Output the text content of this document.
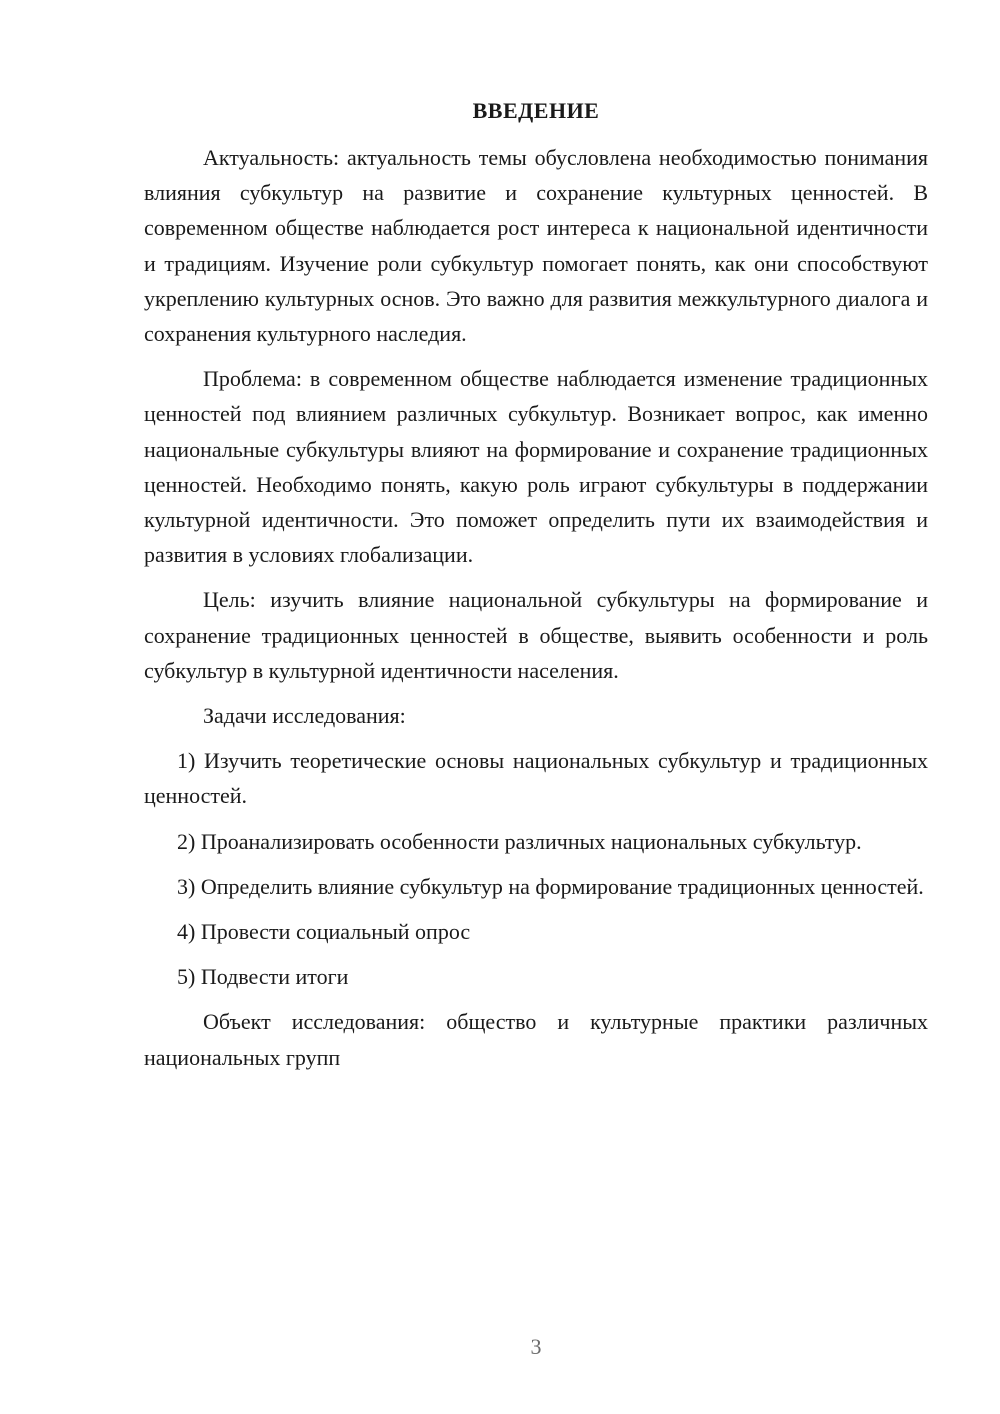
ВВЕДЕНИЕ

Актуальность: актуальность темы обусловлена необходимостью понимания влияния субкультур на развитие и сохранение культурных ценностей. В современном обществе наблюдается рост интереса к национальной идентичности и традициям. Изучение роли субкультур помогает понять, как они способствуют укреплению культурных основ. Это важно для развития межкультурного диалога и сохранения культурного наследия.

Проблема: в современном обществе наблюдается изменение традиционных ценностей под влиянием различных субкультур. Возникает вопрос, как именно национальные субкультуры влияют на формирование и сохранение традиционных ценностей. Необходимо понять, какую роль играют субкультуры в поддержании культурной идентичности. Это поможет определить пути их взаимодействия и развития в условиях глобализации.

Цель: изучить влияние национальной субкультуры на формирование и сохранение традиционных ценностей в обществе, выявить особенности и роль субкультур в культурной идентичности населения.

Задачи исследования:

1) Изучить теоретические основы национальных субкультур и традиционных ценностей.

2) Проанализировать особенности различных национальных субкультур.

3) Определить влияние субкультур на формирование традиционных ценностей.

4) Провести социальный опрос

5) Подвести итоги

Объект исследования: общество и культурные практики различных национальных групп

3
